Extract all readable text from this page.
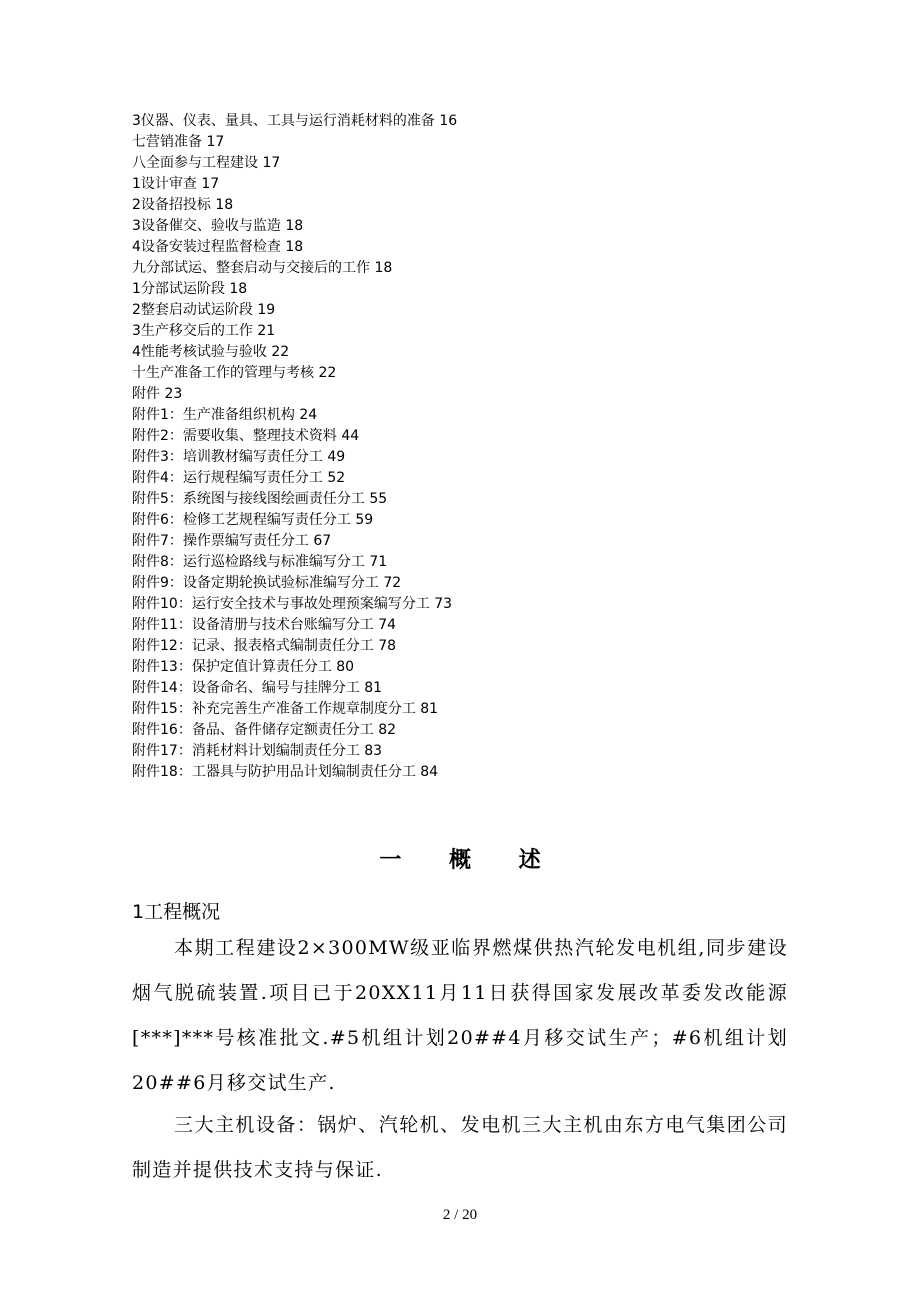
3仪器、仪表、量具、工具与运行消耗材料的准备 16
七营销准备 17
八全面参与工程建设 17
1设计审查 17
2设备招投标 18
3设备催交、验收与监造 18
4设备安装过程监督检查 18
九分部试运、整套启动与交接后的工作 18
1分部试运阶段 18
2整套启动试运阶段 19
3生产移交后的工作 21
4性能考核试验与验收 22
十生产准备工作的管理与考核 22
附件 23
附件1：生产准备组织机构 24
附件2：需要收集、整理技术资料 44
附件3：培训教材编写责任分工 49
附件4：运行规程编写责任分工 52
附件5：系统图与接线图绘画责任分工 55
附件6：检修工艺规程编写责任分工 59
附件7：操作票编写责任分工 67
附件8：运行巡检路线与标准编写分工 71
附件9：设备定期轮换试验标准编写分工 72
附件10：运行安全技术与事故处理预案编写分工 73
附件11：设备清册与技术台账编写分工 74
附件12：记录、报表格式编制责任分工 78
附件13：保护定值计算责任分工 80
附件14：设备命名、编号与挂牌分工 81
附件15：补充完善生产准备工作规章制度分工 81
附件16：备品、备件储存定额责任分工 82
附件17：消耗材料计划编制责任分工 83
附件18：工器具与防护用品计划编制责任分工 84
一 概 述
1工程概况
本期工程建设2×300MW级亚临界燃煤供热汽轮发电机组,同步建设烟气脱硫装置.项目已于20XX11月11日获得国家发展改革委发改能源[***]***号核准批文.#5机组计划20##4月移交试生产；#6机组计划20##6月移交试生产.
三大主机设备：锅炉、汽轮机、发电机三大主机由东方电气集团公司制造并提供技术支持与保证.
2 / 20
